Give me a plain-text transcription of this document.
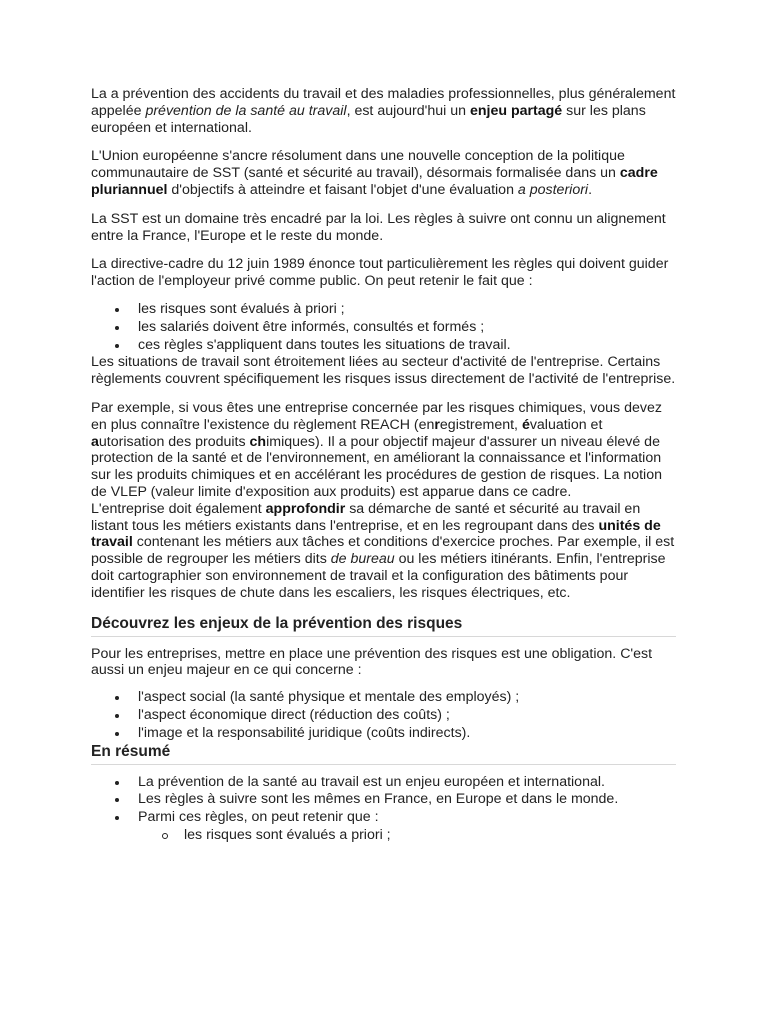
La a prévention des accidents du travail et des maladies professionnelles, plus généralement appelée prévention de la santé au travail, est aujourd'hui un enjeu partagé sur les plans européen et international.

L'Union européenne s'ancre résolument dans une nouvelle conception de la politique communautaire de SST (santé et sécurité au travail), désormais formalisée dans un cadre pluriannuel d'objectifs à atteindre et faisant l'objet d'une évaluation a posteriori.

La SST est un domaine très encadré par la loi. Les règles à suivre ont connu un alignement entre la France, l'Europe et le reste du monde.

La directive-cadre du 12 juin 1989 énonce tout particulièrement les règles qui doivent guider l'action de l'employeur privé comme public. On peut retenir le fait que :

les risques sont évalués à priori ;
les salariés doivent être informés, consultés et formés ;
ces règles s'appliquent dans toutes les situations de travail.

Les situations de travail sont étroitement liées au secteur d'activité de l'entreprise. Certains règlements couvrent spécifiquement les risques issus directement de l'activité de l'entreprise.

Par exemple, si vous êtes une entreprise concernée par les risques chimiques, vous devez en plus connaître l'existence du règlement REACH (enregistrement, évaluation et autorisation des produits chimiques). Il a pour objectif majeur d'assurer un niveau élevé de protection de la santé et de l'environnement, en améliorant la connaissance et l'information sur les produits chimiques et en accélérant les procédures de gestion de risques. La notion de VLEP (valeur limite d'exposition aux produits) est apparue dans ce cadre.

L'entreprise doit également approfondir sa démarche de santé et sécurité au travail en listant tous les métiers existants dans l'entreprise, et en les regroupant dans des unités de travail contenant les métiers aux tâches et conditions d'exercice proches. Par exemple, il est possible de regrouper les métiers dits de bureau ou les métiers itinérants. Enfin, l'entreprise doit cartographier son environnement de travail et la configuration des bâtiments pour identifier les risques de chute dans les escaliers, les risques électriques, etc.

Découvrez les enjeux de la prévention des risques

Pour les entreprises, mettre en place une prévention des risques est une obligation. C'est aussi un enjeu majeur en ce qui concerne :

l'aspect social (la santé physique et mentale des employés) ;
l'aspect économique direct (réduction des coûts) ;
l'image et la responsabilité juridique (coûts indirects).
En résumé
La prévention de la santé au travail est un enjeu européen et international.
Les règles à suivre sont les mêmes en France, en Europe et dans le monde.
Parmi ces règles, on peut retenir que :
les risques sont évalués a priori ;
